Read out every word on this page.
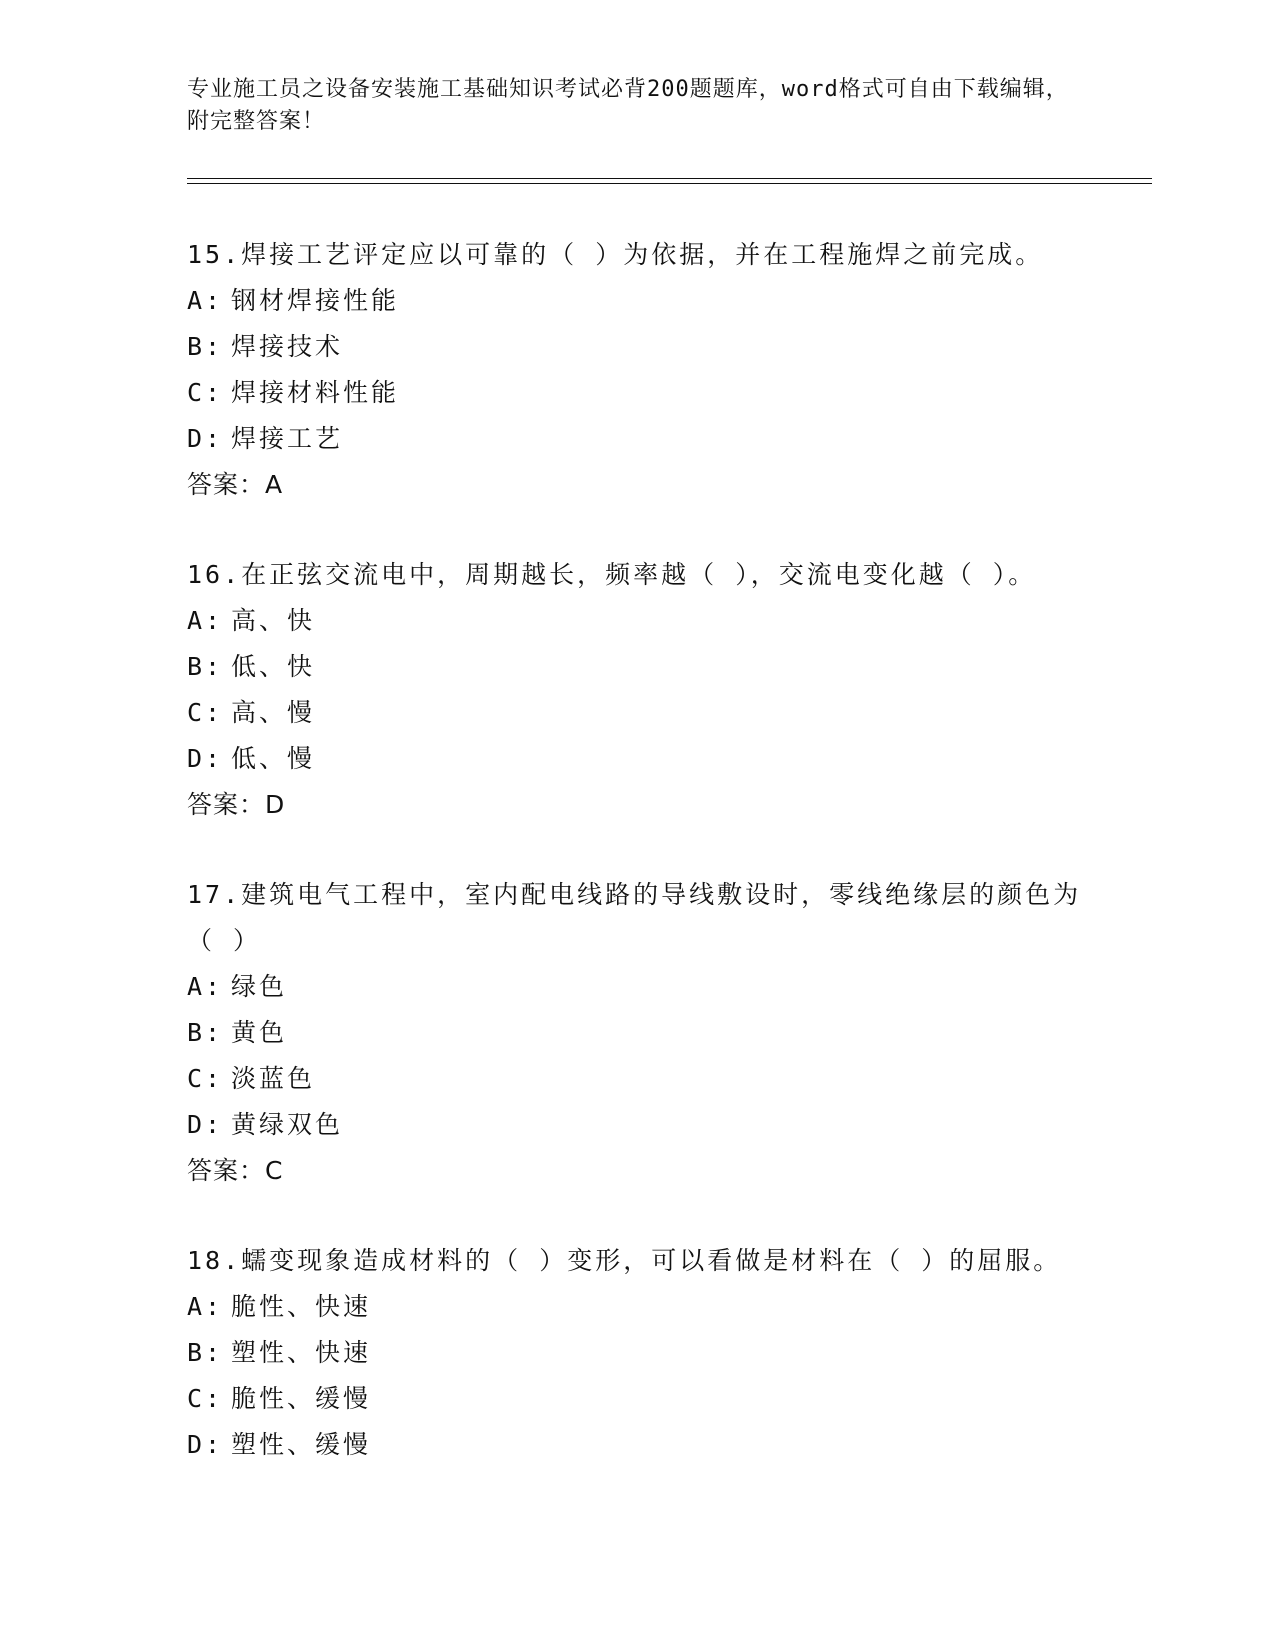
专业施工员之设备安装施工基础知识考试必背200题题库，word格式可自由下载编辑，附完整答案！
15.焊接工艺评定应以可靠的（ ）为依据，并在工程施焊之前完成。
A: 钢材焊接性能
B: 焊接技术
C: 焊接材料性能
D: 焊接工艺
答案：A
16.在正弦交流电中，周期越长，频率越（ ），交流电变化越（ ）。
A: 高、快
B: 低、快
C: 高、慢
D: 低、慢
答案：D
17.建筑电气工程中，室内配电线路的导线敷设时，零线绝缘层的颜色为（ ）
A: 绿色
B: 黄色
C: 淡蓝色
D: 黄绿双色
答案：C
18.蠕变现象造成材料的（ ）变形，可以看做是材料在（ ）的屈服。
A: 脆性、快速
B: 塑性、快速
C: 脆性、缓慢
D: 塑性、缓慢
